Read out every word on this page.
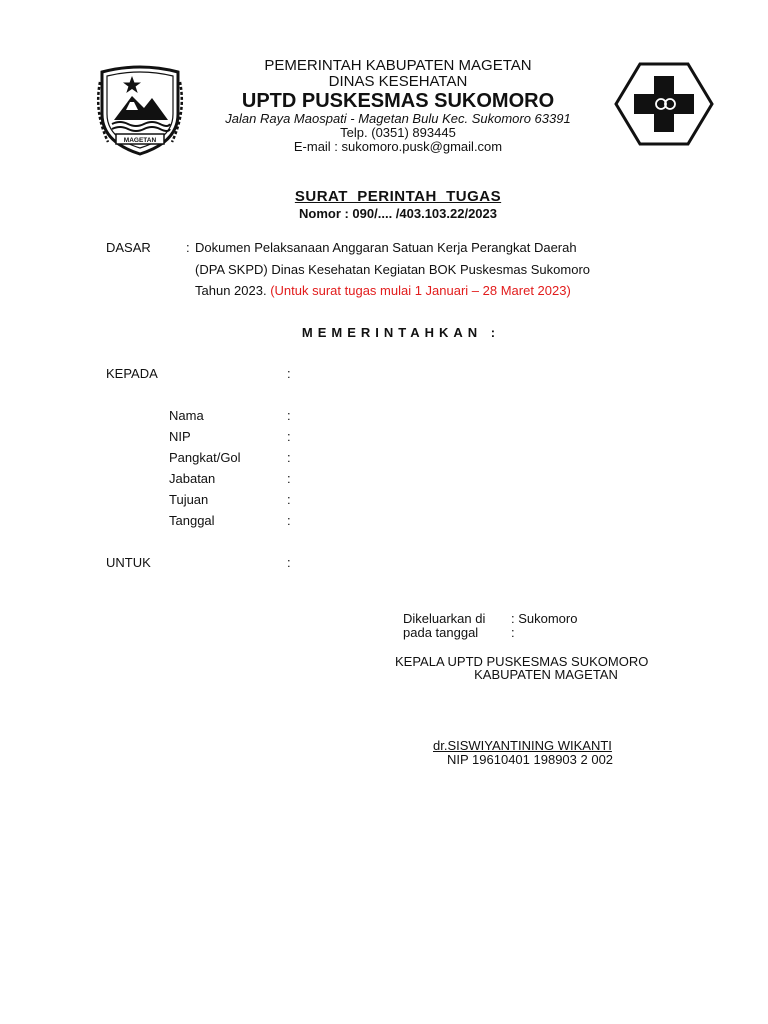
MAGETAN
PEMERINTAH KABUPATEN MAGETAN
DINAS KESEHATAN
UPTD PUSKESMAS SUKOMORO
Jalan Raya Maospati - Magetan Bulu Kec. Sukomoro 63391
Telp. (0351) 893445
E-mail : sukomoro.pusk@gmail.com
SURAT  PERINTAH  TUGAS
Nomor : 090/.... /403.103.22/2023
DASAR	: Dokumen Pelaksanaan Anggaran Satuan Kerja Perangkat Daerah
(DPA SKPD) Dinas Kesehatan Kegiatan BOK Puskesmas Sukomoro
Tahun 2023. (Untuk surat tugas mulai 1 Januari – 28 Maret 2023)
MEMERINTAHKAN :
KEPADA	:
Nama	:
NIP	:
Pangkat/Gol	:
Jabatan	:
Tujuan	:
Tanggal	:
UNTUK	:
Dikeluarkan di : Sukomoro
pada tanggal	:
KEPALA UPTD PUSKESMAS SUKOMORO
KABUPATEN MAGETAN
dr.SISWIYANTINING WIKANTI
NIP 19610401 198903 2 002
